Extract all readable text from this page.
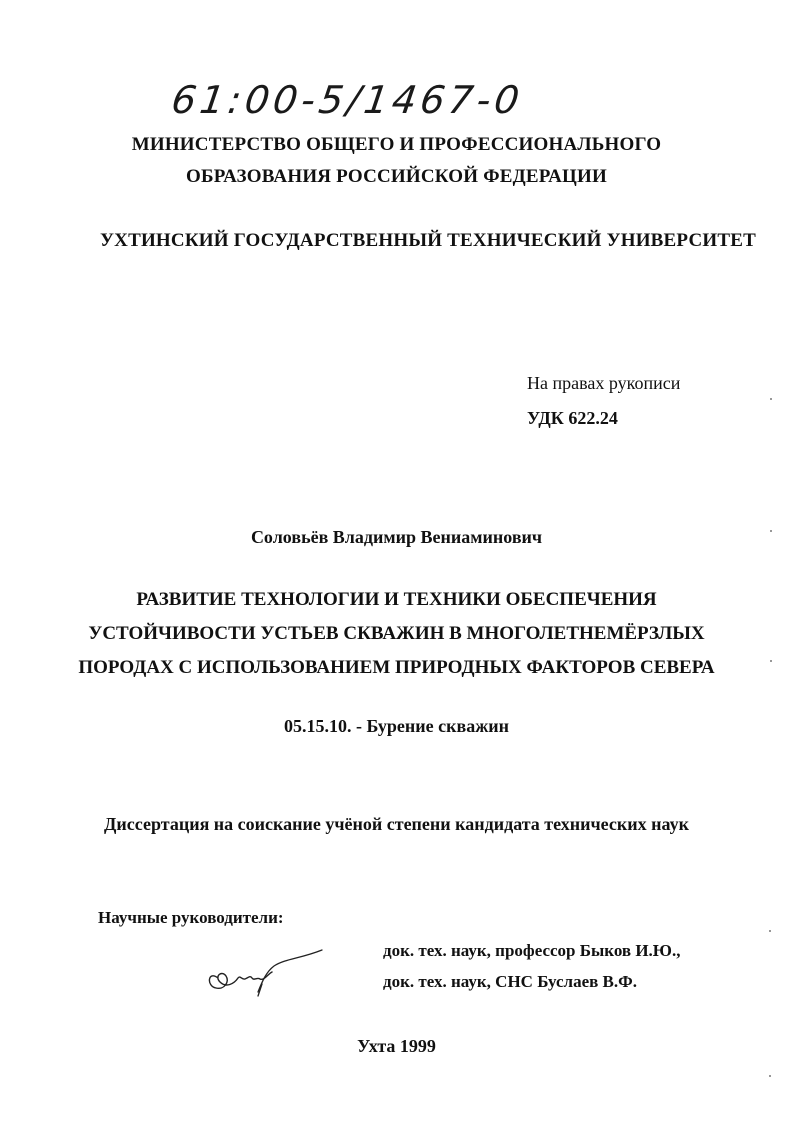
61:00-5/1467-0
МИНИСТЕРСТВО ОБЩЕГО И ПРОФЕССИОНАЛЬНОГО
ОБРАЗОВАНИЯ РОССИЙСКОЙ ФЕДЕРАЦИИ
УХТИНСКИЙ ГОСУДАРСТВЕННЫЙ ТЕХНИЧЕСКИЙ УНИВЕРСИТЕТ
На правах рукописи
УДК 622.24
Соловьёв Владимир Вениаминович
РАЗВИТИЕ ТЕХНОЛОГИИ И ТЕХНИКИ ОБЕСПЕЧЕНИЯ
УСТОЙЧИВОСТИ УСТЬЕВ СКВАЖИН В МНОГОЛЕТНЕМЁРЗЛЫХ
ПОРОДАХ С ИСПОЛЬЗОВАНИЕМ ПРИРОДНЫХ ФАКТОРОВ СЕВЕРА
05.15.10. - Бурение скважин
Диссертация на соискание учёной степени кандидата технических наук
Научные руководители:
док. тех. наук, профессор Быков И.Ю.,
док. тех. наук, СНС Буслаев В.Ф.
Ухта 1999
